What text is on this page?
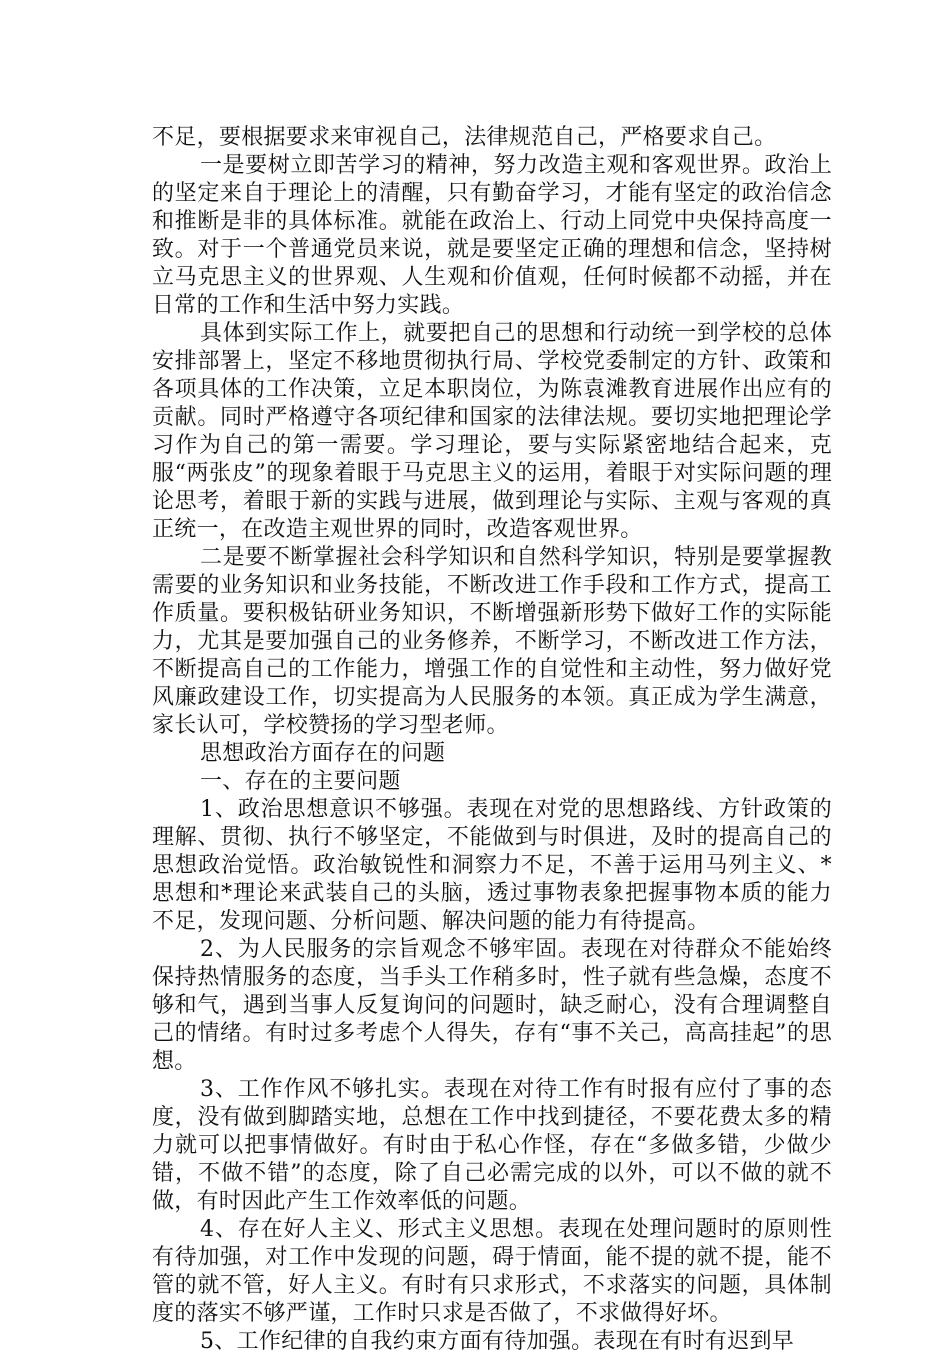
不足，要根据要求来审视自己，法律规范自己，严格要求自己。

一是要树立即苦学习的精神，努力改造主观和客观世界。政治上的坚定来自于理论上的清醒，只有勤奋学习，才能有坚定的政治信念和推断是非的具体标准。就能在政治上、行动上同党中央保持高度一致。对于一个普通党员来说，就是要坚定正确的理想和信念，坚持树立马克思主义的世界观、人生观和价值观，任何时候都不动摇，并在日常的工作和生活中努力实践。

具体到实际工作上，就要把自己的思想和行动统一到学校的总体安排部署上，坚定不移地贯彻执行局、学校党委制定的方针、政策和各项具体的工作决策，立足本职岗位，为陈袁滩教育进展作出应有的贡献。同时严格遵守各项纪律和国家的法律法规。要切实地把理论学习作为自己的第一需要。学习理论，要与实际紧密地结合起来，克服“两张皮”的现象着眼于马克思主义的运用，着眼于对实际问题的理论思考，着眼于新的实践与进展，做到理论与实际、主观与客观的真正统一，在改造主观世界的同时，改造客观世界。

二是要不断掌握社会科学知识和自然科学知识，特别是要掌握教需要的业务知识和业务技能，不断改进工作手段和工作方式，提高工作质量。要积极钻研业务知识，不断增强新形势下做好工作的实际能力，尤其是要加强自己的业务修养，不断学习，不断改进工作方法，不断提高自己的工作能力，增强工作的自觉性和主动性，努力做好党风廉政建设工作，切实提高为人民服务的本领。真正成为学生满意，家长认可，学校赞扬的学习型老师。

思想政治方面存在的问题

一、存在的主要问题

1、政治思想意识不够强。表现在对党的思想路线、方针政策的理解、贯彻、执行不够坚定，不能做到与时俱进，及时的提高自己的思想政治觉悟。政治敏锐性和洞察力不足，不善于运用马列主义、*思想和*理论来武装自己的头脑，透过事物表象把握事物本质的能力不足，发现问题、分析问题、解决问题的能力有待提高。

2、为人民服务的宗旨观念不够牢固。表现在对待群众不能始终保持热情服务的态度，当手头工作稍多时，性子就有些急燥，态度不够和气，遇到当事人反复询问的问题时，缺乏耐心，没有合理调整自己的情绪。有时过多考虑个人得失，存有“事不关己，高高挂起”的思想。

3、工作作风不够扎实。表现在对待工作有时报有应付了事的态度，没有做到脚踏实地，总想在工作中找到捷径，不要花费太多的精力就可以把事情做好。有时由于私心作怪，存在“多做多错，少做少错，不做不错”的态度，除了自己必需完成的以外，可以不做的就不做，有时因此产生工作效率低的问题。

4、存在好人主义、形式主义思想。表现在处理问题时的原则性有待加强，对工作中发现的问题，碍于情面，能不提的就不提，能不管的就不管，好人主义。有时有只求形式，不求落实的问题，具体制度的落实不够严谨，工作时只求是否做了，不求做得好坏。

5、工作纪律的自我约束方面有待加强。表现在有时有迟到早
